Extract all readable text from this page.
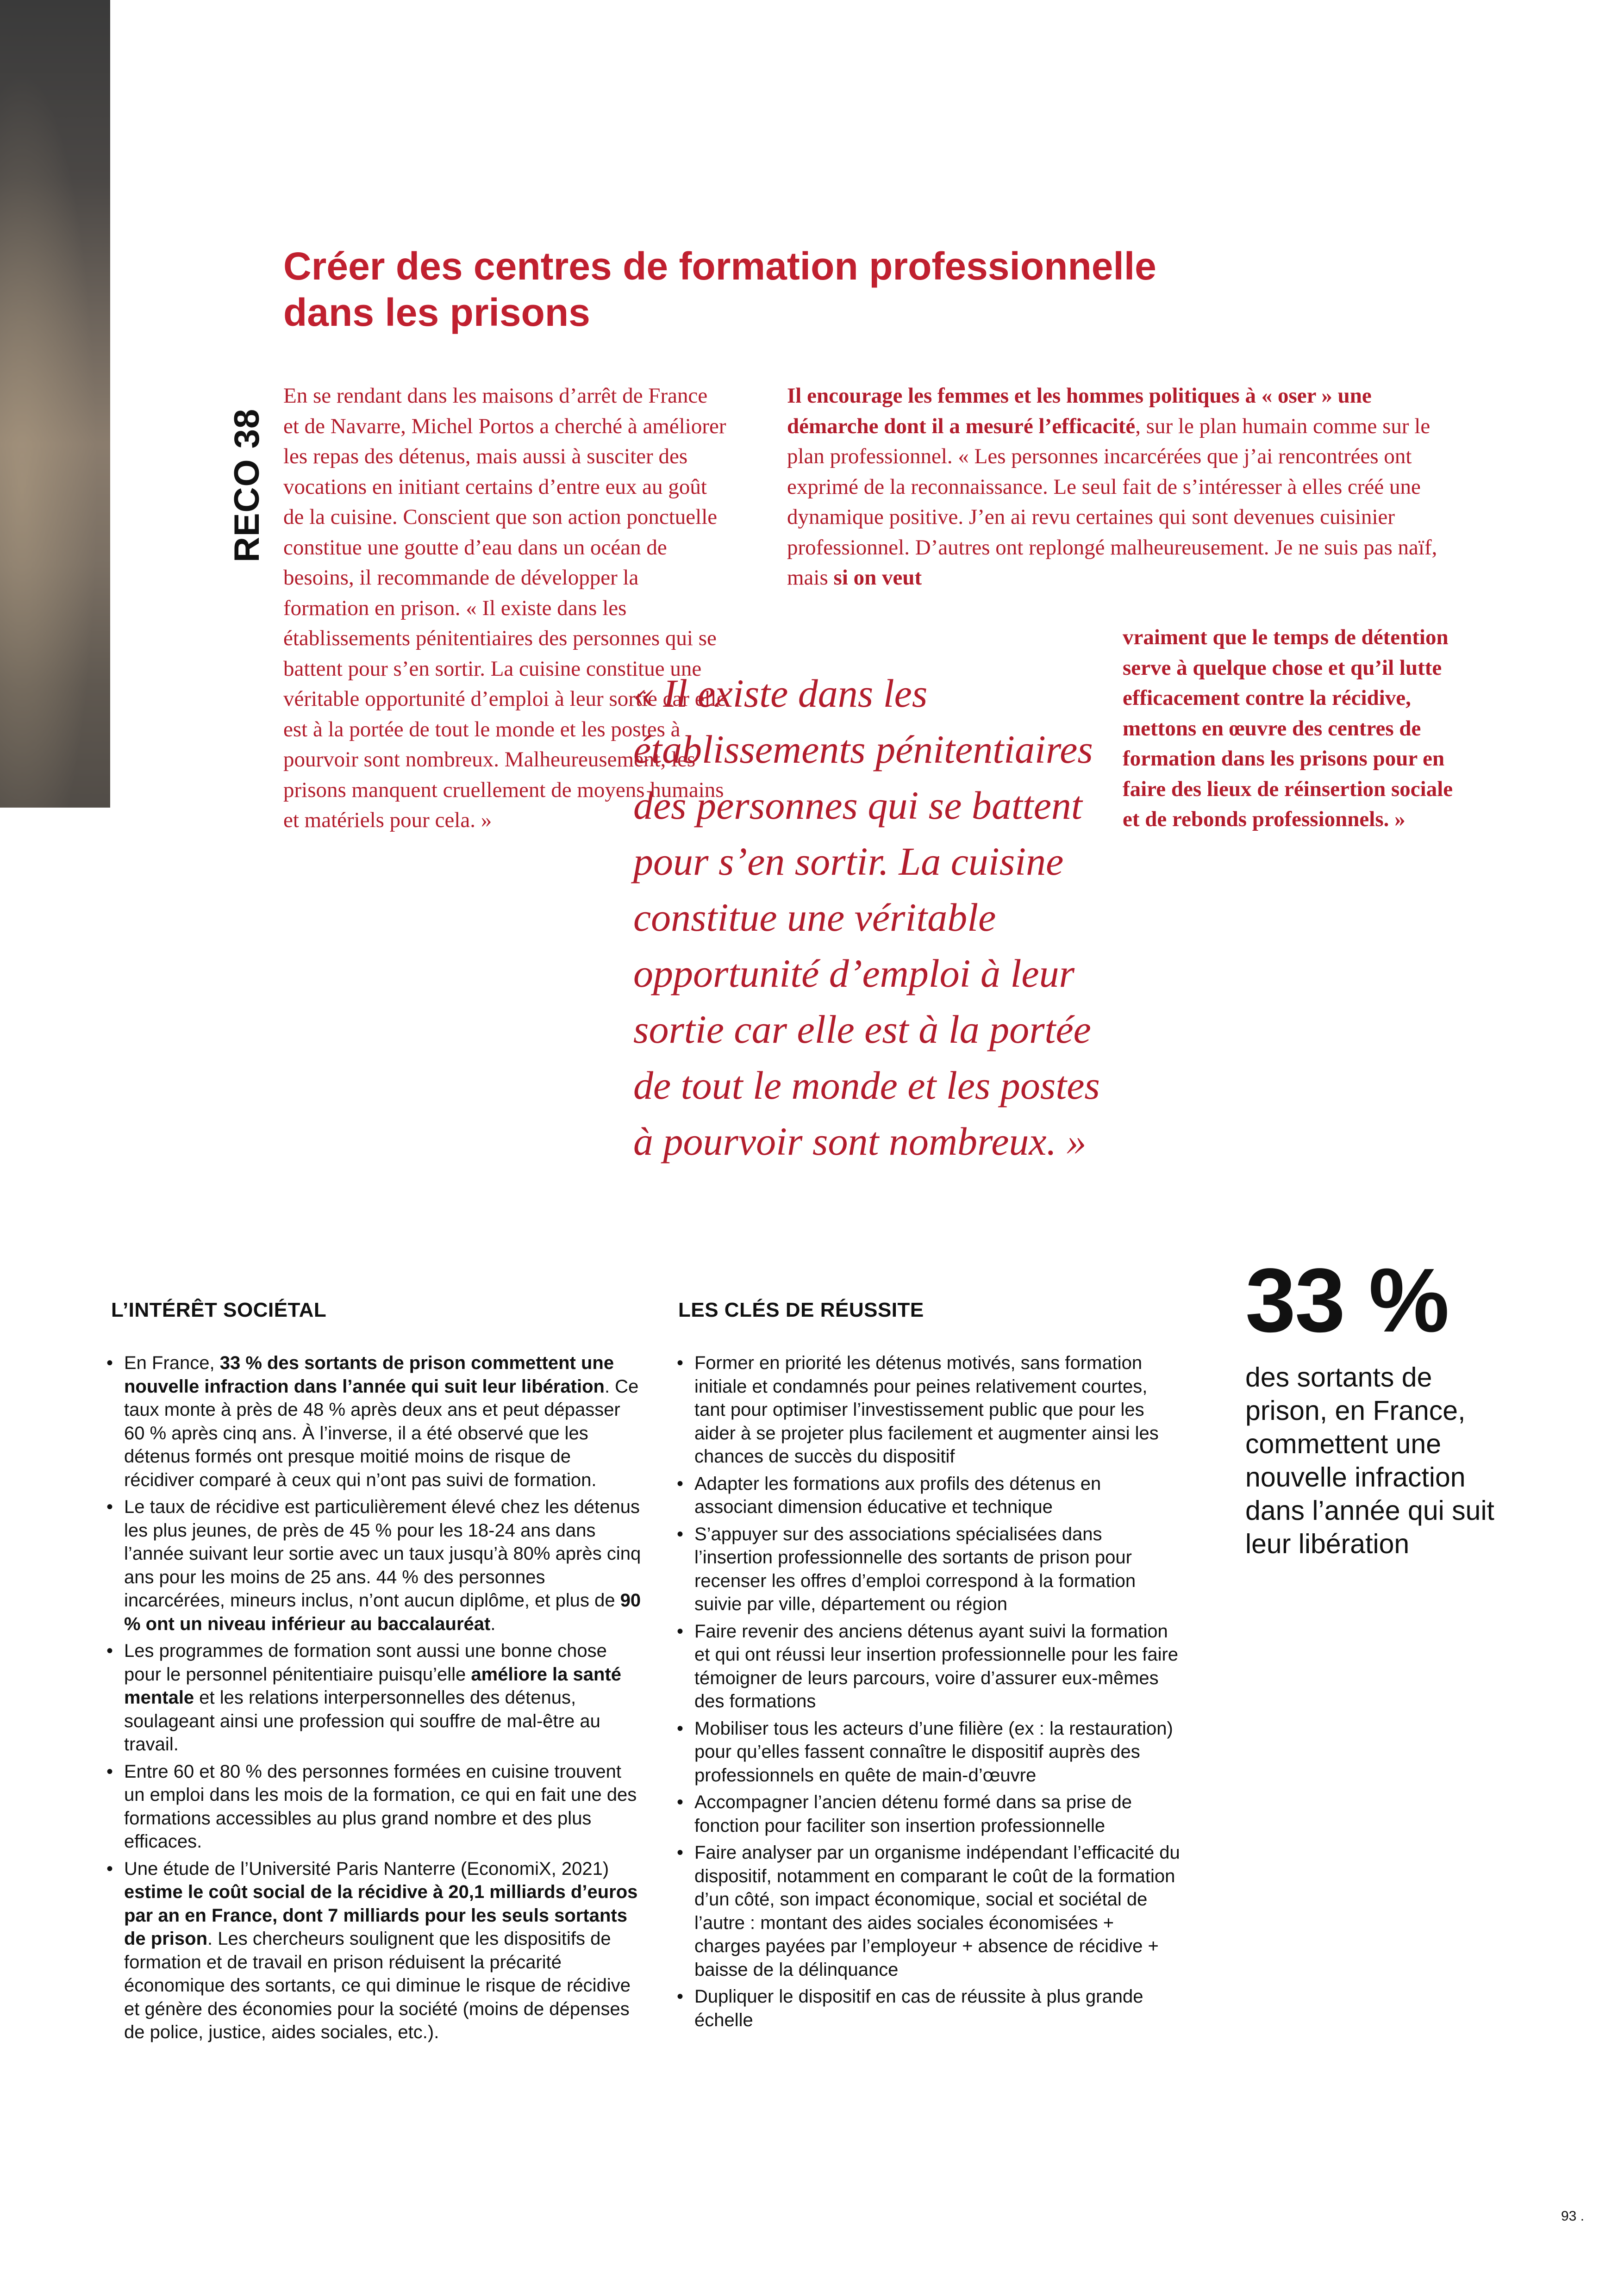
Créer des centres de formation professionnelle dans les prisons
RECO 38

En se rendant dans les maisons d’arrêt de France et de Navarre, Michel Portos a cherché à améliorer les repas des détenus, mais aussi à susciter des vocations en initiant certains d’entre eux au goût de la cuisine. Conscient que son action ponctuelle constitue une goutte d’eau dans un océan de besoins, il recommande de développer la formation en prison. « Il existe dans les établissements pénitentiaires des personnes qui se battent pour s’en sortir. La cuisine constitue une véritable opportunité d’emploi à leur sortie car elle est à la portée de tout le monde et les postes à pourvoir sont nombreux. Malheureusement, les prisons manquent cruellement de moyens humains et matériels pour cela. »

Il encourage les femmes et les hommes politiques à « oser » une démarche dont il a mesuré l’efficacité, sur le plan humain comme sur le plan professionnel. « Les personnes incarcérées que j’ai rencontrées ont exprimé de la reconnaissance. Le seul fait de s’intéresser à elles créé une dynamique positive. J’en ai revu certaines qui sont devenues cuisinier professionnel. D’autres ont replongé malheureusement. Je ne suis pas naïf, mais si on veut

vraiment que le temps de détention serve à quelque chose et qu’il lutte efficacement contre la récidive, mettons en œuvre des centres de formation dans les prisons pour en faire des lieux de réinsertion sociale et de rebonds professionnels. »

« Il existe dans les établissements pénitentiaires des personnes qui se battent pour s’en sortir. La cuisine constitue une véritable opportunité d’emploi à leur sortie car elle est à la portée de tout le monde et les postes à pourvoir sont nombreux. »

L’INTÉRÊT SOCIÉTAL
• En France, 33 % des sortants de prison commettent une nouvelle infraction dans l’année qui suit leur libération. Ce taux monte à près de 48 % après deux ans et peut dépasser 60 % après cinq ans. À l’inverse, il a été observé que les détenus formés ont presque moitié moins de risque de récidiver comparé à ceux qui n’ont pas suivi de formation.
• Le taux de récidive est particulièrement élevé chez les détenus les plus jeunes, de près de 45 % pour les 18-24 ans dans l’année suivant leur sortie avec un taux jusqu’à 80% après cinq ans pour les moins de 25 ans. 44 % des personnes incarcérées, mineurs inclus, n’ont aucun diplôme, et plus de 90 % ont un niveau inférieur au baccalauréat.
• Les programmes de formation sont aussi une bonne chose pour le personnel pénitentiaire puisqu’elle améliore la santé mentale et les relations interpersonnelles des détenus, soulageant ainsi une profession qui souffre de mal-être au travail.
• Entre 60 et 80 % des personnes formées en cuisine trouvent un emploi dans les mois de la formation, ce qui en fait une des formations accessibles au plus grand nombre et des plus efficaces.
• Une étude de l’Université Paris Nanterre (EconomiX, 2021) estime le coût social de la récidive à 20,1 milliards d’euros par an en France, dont 7 milliards pour les seuls sortants de prison. Les chercheurs soulignent que les dispositifs de formation et de travail en prison réduisent la précarité économique des sortants, ce qui diminue le risque de récidive et génère des économies pour la société (moins de dépenses de police, justice, aides sociales, etc.).
LES CLÉS DE RÉUSSITE
• Former en priorité les détenus motivés, sans formation initiale et condamnés pour peines relativement courtes, tant pour optimiser l’investissement public que pour les aider à se projeter plus facilement et augmenter ainsi les chances de succès du dispositif
• Adapter les formations aux profils des détenus en associant dimension éducative et technique
• S’appuyer sur des associations spécialisées dans l’insertion professionnelle des sortants de prison pour recenser les offres d’emploi correspond à la formation suivie par ville, département ou région
• Faire revenir des anciens détenus ayant suivi la formation et qui ont réussi leur insertion professionnelle pour les faire témoigner de leurs parcours, voire d’assurer eux-mêmes des formations
• Mobiliser tous les acteurs d’une filière (ex : la restauration) pour qu’elles fassent connaître le dispositif auprès des professionnels en quête de main-d’œuvre
• Accompagner l’ancien détenu formé dans sa prise de fonction pour faciliter son insertion professionnelle
• Faire analyser par un organisme indépendant l’efficacité du dispositif, notamment en comparant le coût de la formation d’un côté, son impact économique, social et sociétal de l’autre : montant des aides sociales économisées + charges payées par l’employeur + absence de récidive + baisse de la délinquance
• Dupliquer le dispositif en cas de réussite à plus grande échelle

33 %

des sortants de prison, en France, commettent une nouvelle infraction dans l’année qui suit leur libération

93 .
